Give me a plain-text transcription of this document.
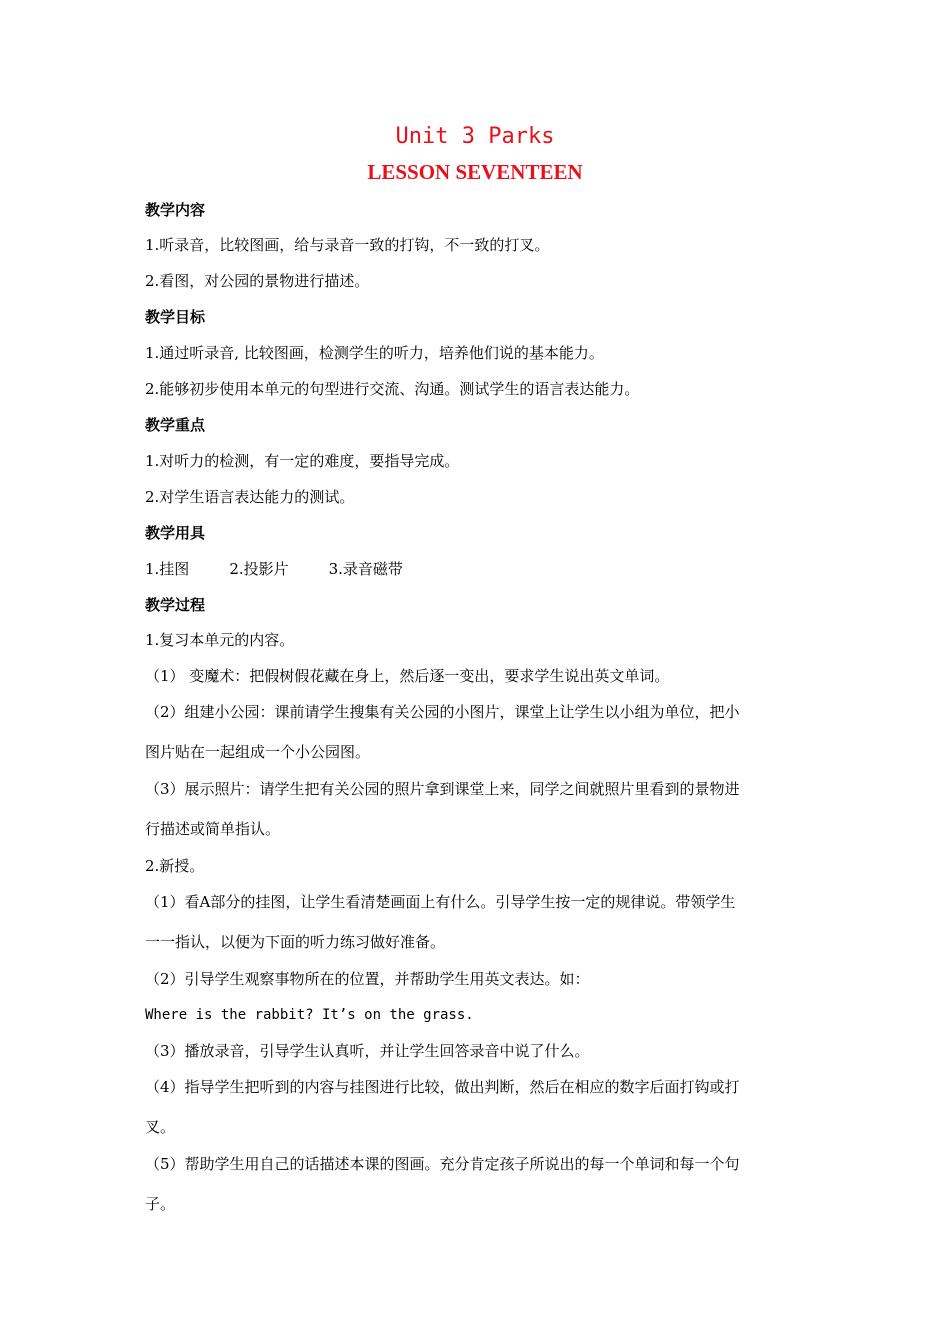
Unit 3 Parks
LESSON SEVENTEEN
教学内容
1.听录音，比较图画，给与录音一致的打钩，不一致的打叉。
2.看图，对公园的景物进行描述。
教学目标
1.通过听录音, 比较图画，检测学生的听力，培养他们说的基本能力。
2.能够初步使用本单元的句型进行交流、沟通。测试学生的语言表达能力。
教学重点
1.对听力的检测，有一定的难度，要指导完成。
2.对学生语言表达能力的测试。
教学用具
1.挂图	2.投影片	3.录音磁带
教学过程
1.复习本单元的内容。
（1） 变魔术：把假树假花藏在身上，然后逐一变出，要求学生说出英文单词。
（2）组建小公园：课前请学生搜集有关公园的小图片，课堂上让学生以小组为单位，把小
图片贴在一起组成一个小公园图。
（3）展示照片：请学生把有关公园的照片拿到课堂上来，同学之间就照片里看到的景物进
行描述或简单指认。
2.新授。
（1）看A部分的挂图，让学生看清楚画面上有什么。引导学生按一定的规律说。带领学生
一一指认，以便为下面的听力练习做好准备。
（2）引导学生观察事物所在的位置，并帮助学生用英文表达。如：
Where is the rabbit? It’s on the grass.
（3）播放录音，引导学生认真听，并让学生回答录音中说了什么。
（4）指导学生把听到的内容与挂图进行比较，做出判断，然后在相应的数字后面打钩或打
叉。
（5）帮助学生用自己的话描述本课的图画。充分肯定孩子所说出的每一个单词和每一个句
子。
